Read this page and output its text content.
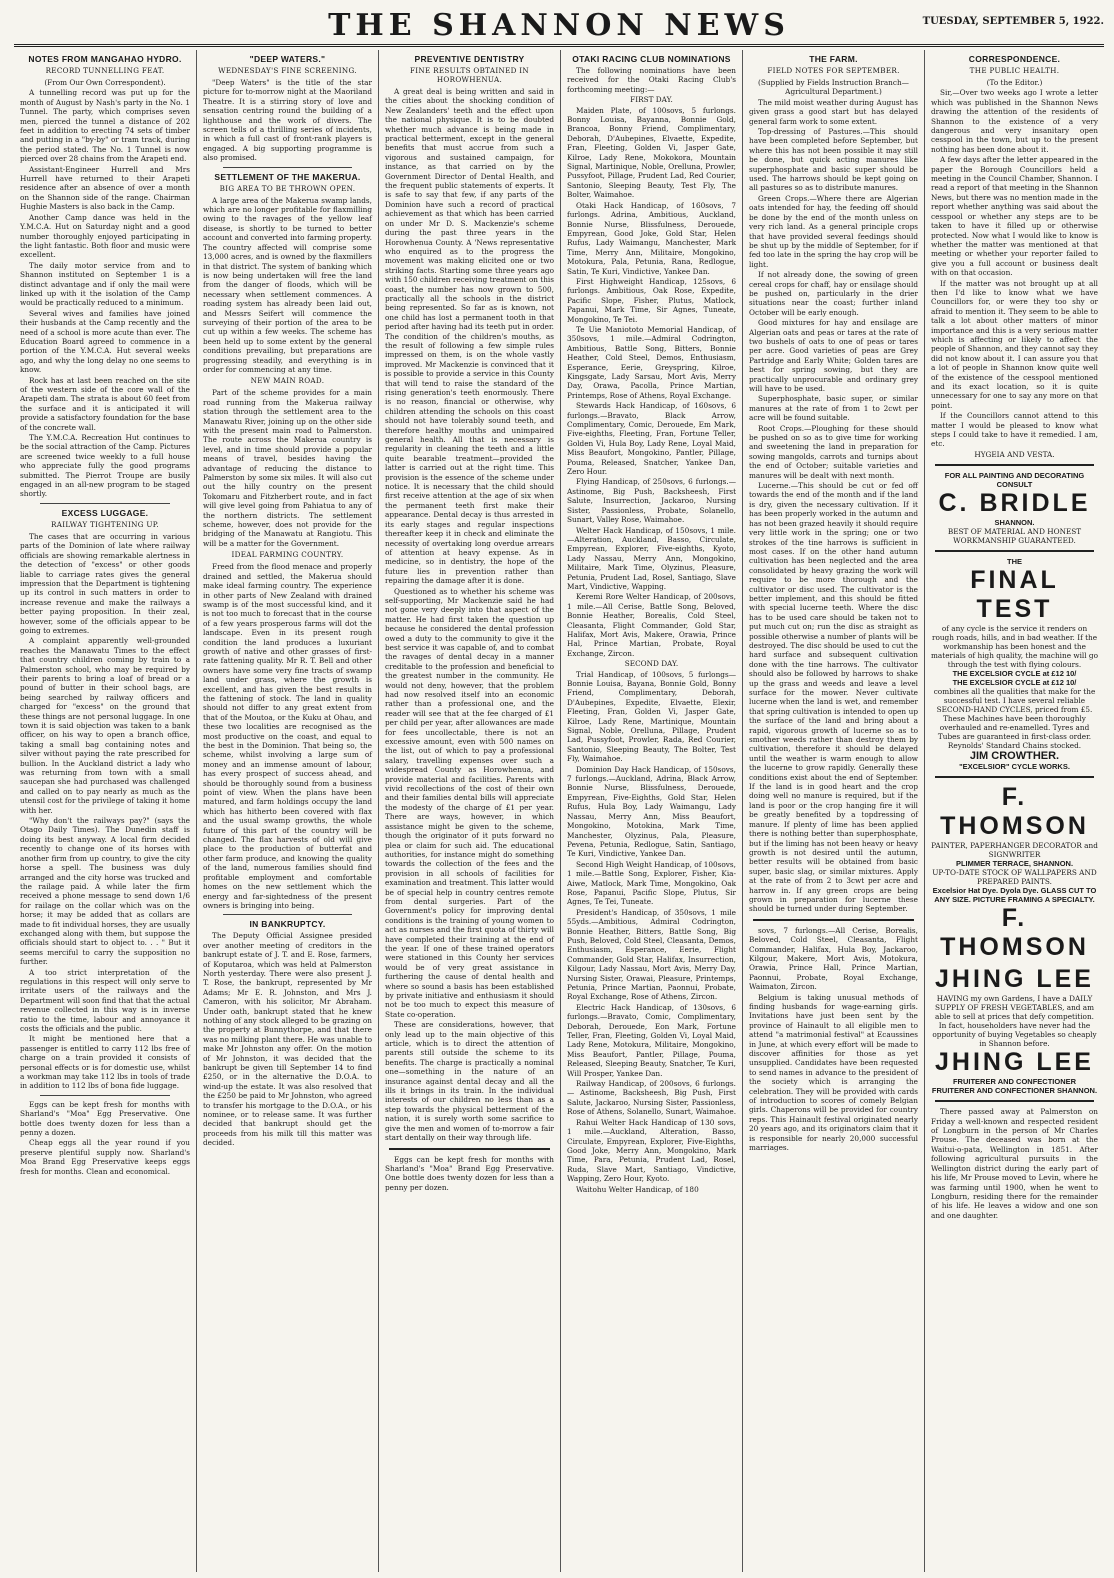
THE SHANNON NEWS	TUESDAY, SEPTEMBER 5, 1922.
NOTES FROM MANGAHAO HYDRO.
RECORD TUNNELLING FEAT.

(From Our Own Correspondent).

A tunnelling record was put up for the month of August by Nash's party in the No. 1 Tunnel. The party, which comprises seven men, pierced the tunnel a distance of 202 feet in addition to erecting 74 sets of timber and putting in a "by-by" or tram track, during the period stated. The No. 1 Tunnel is now pierced over 28 chains from the Arapeti end.

Assistant-Engineer Hurrell and Mrs Hurrell have returned to their Arapeti residence after an absence of over a month on the Shannon side of the range. Chairman Hughie Masters is also back in the Camp.

Another Camp dance was held in the Y.M.C.A. Hut on Saturday night and a good number thoroughly enjoyed participating in the light fantastic. Both floor and music were excellent.

The daily motor service from and to Shannon instituted on September 1 is a distinct advantage and if only the mail were linked up with it the isolation of the Camp would be practically reduced to a minimum.

Several wives and families have joined their husbands at the Camp recently and the need of a school is more acute than ever. The Education Board agreed to commence in a portion of the Y.M.C.A. Hut several weeks ago, and why the long delay no one seems to know.

Rock has at last been reached on the site of the western side of the core wall of the Arapeti dam. The strata is about 60 feet from the surface and it is anticipated it will provide a satisfactory foundation for the base of the concrete wall.

The Y.M.C.A. Recreation Hut continues to be the social attraction of the Camp. Pictures are screened twice weekly to a full house who appreciate fully the good programs submitted. The Pierrot Troupe are busily engaged in an all-new program to be staged shortly.

EXCESS LUGGAGE.
RAILWAY TIGHTENING UP.

The cases that are occurring in various parts of the Dominion of late where railway officials are showing remarkable alertness in the detection of "excess" or other goods liable to carriage rates gives the general impression that the Department is tightening up its control in such matters in order to increase revenue and make the railways a better paying proposition. In their zeal, however, some of the officials appear to be going to extremes.

A complaint apparently well-grounded reaches the Manawatu Times to the effect that country children coming by train to a Palmerston school, who may be required by their parents to bring a loaf of bread or a pound of butter in their school bags, are being searched by railway officers and charged for "excess" on the ground that these things are not personal luggage. In one town it is said objection was taken to a bank officer, on his way to open a branch office, taking a small bag containing notes and silver without paying the rate prescribed for bullion. In the Auckland district a lady who was returning from town with a small saucepan she had purchased was challenged and called on to pay nearly as much as the utensil cost for the privilege of taking it home with her.

"Why don't the railways pay?" (says the Otago Daily Times). The Dunedin staff is doing its best anyway. A local firm decided recently to change one of its horses with another firm from up country, to give the city horse a spell. The business was duly arranged and the city horse was trucked and the railage paid. A while later the firm received a phone message to send down 1/6 for railage on the collar which was on the horse; it may be added that as collars are made to fit individual horses, they are usually exchanged along with them, but suppose the officials should start to object to. . . " But it seems merciful to carry the supposition no further.

A too strict interpretation of the regulations in this respect will only serve to irritate users of the railways and the Department will soon find that that the actual revenue collected in this way is in inverse ratio to the time, labour and annoyance it costs the officials and the public.

It might be mentioned here that a passenger is entitled to carry 112 lbs free of charge on a train provided it consists of personal effects or is for domestic use, whilst a workman may take 112 lbs in tools of trade in addition to 112 lbs of bona fide luggage.

Eggs can be kept fresh for months with Sharland's "Moa" Egg Preservative. One bottle does twenty dozen for less than a penny a dozen.

Cheap eggs all the year round if you preserve plentiful supply now. Sharland's Moa Brand Egg Preservative keeps eggs fresh for months. Clean and economical.

"DEEP WATERS."
WEDNESDAY'S FINE SCREENING.

"Deep Waters" is the title of the star picture for to-morrow night at the Maoriland Theatre. It is a stirring story of love and sensation centring round the building of a lighthouse and the work of divers. The screen tells of a thrilling series of incidents, in which a full cast of front-rank players is engaged. A big supporting programme is also promised.

SETTLEMENT OF THE MAKERUA.
BIG AREA TO BE THROWN OPEN.

A large area of the Makerua swamp lands, which are no longer profitable for flaxmilling owing to the ravages of the yellow leaf disease, is shortly to be turned to better account and converted into farming property. The country affected will comprise some 13,000 acres, and is owned by the flaxmillers in that district. The system of banking which is now being undertaken will free the land from the danger of floods, which will be necessary when settlement commences. A roading system has already been laid out, and Messrs Seifert will commence the surveying of their portion of the area to be cut up within a few weeks. The scheme has been held up to some extent by the general conditions prevailing, but preparations are progressing steadily, and everything is in order for commencing at any time.

NEW MAIN ROAD.

Part of the scheme provides for a main road running from the Makerua railway station through the settlement area to the Manawatu River, joining up on the other side with the present main road to Palmerston. The route across the Makerua country is level, and in time should provide a popular means of travel, besides having the advantage of reducing the distance to Palmerston by some six miles. It will also cut out the hilly country on the present Tokomaru and Fitzherbert route, and in fact will give level going from Pahiatua to any of the northern districts. The settlement scheme, however, does not provide for the bridging of the Manawatu at Rangiotu. This will be a matter for the Government.

IDEAL FARMING COUNTRY.

Freed from the flood menace and properly drained and settled, the Makerua should make ideal farming country. The experience in other parts of New Zealand with drained swamp is of the most successful kind, and it is not too much to forecast that in the course of a few years prosperous farms will dot the landscape. Even in its present rough condition the land produces a luxuriant growth of native and other grasses of first-rate fattening quality. Mr R. T. Bell and other owners have some very fine tracts of swamp land under grass, where the growth is excellent, and has given the best results in the fattening of stock. The land in quality should not differ to any great extent from that of the Moutoa, or the Kuku at Ohau, and these two localities are recognised as the most productive on the coast, and equal to the best in the Dominion. That being so, the scheme, whilst involving a large sum of money and an immense amount of labour, has every prospect of success ahead, and should be thoroughly sound from a business point of view. When the plans have been matured, and farm holdings occupy the land which has hitherto been covered with flax and the usual swamp growths, the whole future of this part of the country will be changed. The flax harvests of old will give place to the production of butterfat and other farm produce, and knowing the quality of the land, numerous families should find profitable employment and comfortable homes on the new settlement which the energy and far-sightedness of the present owners is bringing into being.

IN BANKRUPTCY.

The Deputy Official Assignee presided over another meeting of creditors in the bankrupt estate of J. T. and E. Rose, farmers, of Koputaroa, which was held at Palmerston North yesterday. There were also present J. T. Rose, the bankrupt, represented by Mr Adams; Mr E. R. Johnston, and Mrs J. Cameron, with his solicitor, Mr Abraham. Under oath, bankrupt stated that he knew nothing of any stock alleged to be grazing on the property at Bunnythorpe, and that there was no milking plant there. He was unable to make Mr Johnston any offer. On the motion of Mr Johnston, it was decided that the bankrupt be given till September 14 to find £250, or in the alternative the D.O.A. to wind-up the estate. It was also resolved that the £250 be paid to Mr Johnston, who agreed to transfer his mortgage to the D.O.A., or his nominee, or to release same. It was further decided that bankrupt should get the proceeds from his milk till this matter was decided.

PREVENTIVE DENTISTRY
FINE RESULTS OBTAINED IN HOROWHENUA.

A great deal is being written and said in the cities about the shocking condition of New Zealanders' teeth and the effect upon the national physique. It is to be doubted whether much advance is being made in practical betterment, except in the general benefits that must accrue from such a vigorous and sustained campaign, for instance, as that carried on by the Government Director of Dental Health, and the frequent public statements of experts. It is safe to say that few, if any parts of the Dominion have such a record of practical achievement as that which has been carried on under Mr D. S. Mackenzie's scheme during the past three years in the Horowhenua County. A 'News representative who enquired as to the progress the movement was making elicited one or two striking facts. Starting some three years ago with 150 children receiving treatment on this coast, the number has now grown to 500, practically all the schools in the district being represented. So far as is known, not one child has lost a permanent tooth in that period after having had its teeth put in order. The condition of the children's mouths, as the result of following a few simple rules impressed on them, is on the whole vastly improved. Mr Mackenzie is convinced that it is possible to provide a service in this County that will tend to raise the standard of the rising generation's teeth enormously. There is no reason, financial or otherwise, why children attending the schools on this coast should not have tolerably sound teeth, and therefore healthy mouths and unimpaired general health. All that is necessary is regularity in cleaning the teeth and a little quite bearable treatment—provided the latter is carried out at the right time. This provision is the essence of the scheme under notice. It is necessary that the child should first receive attention at the age of six when the permanent teeth first make their appearance. Dental decay is thus arrested in its early stages and regular inspections thereafter keep it in check and eliminate the necessity of overtaking long overdue arrears of attention at heavy expense. As in medicine, so in dentistry, the hope of the future lies in prevention rather than repairing the damage after it is done.

Questioned as to whether his scheme was self-supporting, Mr Mackenzie said he had not gone very deeply into that aspect of the matter. He had first taken the question up because he considered the dental profession owed a duty to the community to give it the best service it was capable of, and to combat the ravages of dental decay in a manner creditable to the profession and beneficial to the greatest number in the community. He would not deny, however, that the problem had now resolved itself into an economic rather than a professional one, and the reader will see that at the fee charged of £1 per child per year, after allowances are made for fees uncollectable, there is not an excessive amount, even with 500 names on the list, out of which to pay a professional salary, travelling expenses over such a widespread County as Horowhenua, and provide material and facilities. Parents with vivid recollections of the cost of their own and their families dental bills will appreciate the modesty of the charge of £1 per year. There are ways, however, in which assistance might be given to the scheme, though the originator of it puts forward no plea or claim for such aid. The educational authorities, for instance might do something towards the collection of the fees and the provision in all schools of facilities for examination and treatment. This latter would be of special help in country centres remote from dental surgeries. Part of the Government's policy for improving dental conditions is the training of young women to act as nurses and the first quota of thirty will have completed their training at the end of the year. If one of these trained operators were stationed in this County her services would be of very great assistance in furthering the cause of dental health and where so sound a basis has been established by private initiative and enthusiasm it should not be too much to expect this measure of State co-operation.

These are considerations, however, that only lead up to the main objective of this article, which is to direct the attention of parents still outside the scheme to its benefits. The charge is practically a nominal one—something in the nature of an insurance against dental decay and all the ills it brings in its train. In the individual interests of our children no less than as a step towards the physical betterment of the nation, it is surely worth some sacrifice to give the men and women of to-morrow a fair start dentally on their way through life.

Eggs can be kept fresh for months with Sharland's "Moa" Brand Egg Preservative. One bottle does twenty dozen for less than a penny per dozen.

OTAKI RACING CLUB NOMINATIONS

The following nominations have been received for the Otaki Racing Club's forthcoming meeting:—

FIRST DAY.

Maiden Plate, of 100sovs, 5 furlongs. Bonny Louisa, Bayanna, Bonnie Gold, Brancoa, Bonny Friend, Complimentary, Deborah, D'Aubepines, Elvaette, Expedite, Fran, Fleeting, Golden Vi, Jasper Gate, Kilroe, Lady Rene, Mokokora, Mountain Signal, Martinique, Noble, Orelluna, Prowler, Pussyfoot, Pillage, Prudent Lad, Red Courier, Santonio, Sleeping Beauty, Test Fly, The Bolter, Waimahoe.

Otaki Hack Handicap, of 160sovs, 7 furlongs. Adrina, Ambitious, Auckland, Bonnie Nurse, Blissfulness, Derouede, Empyrean, Good Joke, Gold Star, Helen Rufus, Lady Waimangu, Manchester, Mark Time, Merry Ann, Militaire, Mongokino, Motokura, Pala, Petunia, Rana, Redlogue, Satin, Te Kuri, Vindictive, Yankee Dan.

First Highweight Handicap, 125sovs, 6 furlongs. Ambitious, Oak Rose, Expedite, Pacific Slope, Fisher, Plutus, Matlock, Papanui, Mark Time, Sir Agnes, Tuneate, Mongokino, Te Tei.

Te Uie Maniototo Memorial Handicap, of 350sovs, 1 mile.—Admiral Codrington, Ambitious, Battle Song, Bitters, Bonnie Heather, Cold Steel, Demos, Enthusiasm, Esperance, Eerie, Greyspring, Kilroe, Kingsgate, Lady Sarsau, Mort Avis, Merry Day, Orawa, Pacolla, Prince Martian, Printemps, Rose of Athens, Royal Exchange.

Stewards Hack Handicap, of 160sovs, 6 furlongs.—Bravato, Black Arrow, Complimentary, Comic, Derouede, Em Mark, Five-eighths, Fleeting, Fran, Fortune Teller, Golden Vi, Hula Boy, Lady Rene, Loyal Maid, Miss Beaufort, Mongokino, Pantler, Pillage, Pouma, Released, Snatcher, Yankee Dan, Zero Hour.

Flying Handicap, of 250sovs, 6 furlongs.—Astinome, Big Push, Backsheesh, First Salute, Insurrection, Jackaroo, Nursing Sister, Passionless, Probate, Solanello, Sunart, Valley Rose, Waimahoe.

Welter Hack Handicap, of 150sovs, 1 mile.—Alteration, Auckland, Basso, Circulate, Empyrean, Explorer, Five-eighths, Kyoto, Lady Nassau, Merry Ann, Mongokino, Militaire, Mark Time, Olyzinus, Pleasure, Petunia, Prudent Lad, Rosel, Santiago, Slave Mart, Vindictive, Wapping.

Keremi Rore Welter Handicap, of 200sovs, 1 mile.—All Cerise, Battle Song, Beloved, Bonnie Heather, Borealis, Cold Steel, Cleasanta, Flight Commander, Gold Star, Halifax, Mort Avis, Makere, Orawia, Prince Hal, Prince Martian, Probate, Royal Exchange, Zircon.

SECOND DAY.

Trial Handicap, of 100sovs, 5 furlongs—Bonnie Louisa, Bayana, Bonnie Gold, Bonny Friend, Complimentary, Deborah, D'Aubepines, Expedite, Elvaette, Elexir, Fleeting, Fran, Golden Vi, Jasper Gate, Kilroe, Lady Rene, Martinique, Mountain Signal, Noble, Orelluna, Pillage, Prudent Lad, Pussyfoot, Prowler, Rada, Red Courier, Santonio, Sleeping Beauty, The Bolter, Test Fly, Waimahoe.

Dominion Day Hack Handicap, of 150sovs, 7 furlongs.—Auckland, Adrina, Black Arrow, Bonnie Nurse, Blissfulness, Derouede, Empyrean, Five-Eighths, Gold Star, Helen Rufus, Hula Boy, Lady Waimangu, Lady Nassau, Merry Ann, Miss Beaufort, Mongokino, Motokina, Mark Time, Manchester, Olyzinus, Pala, Pleasure, Pevena, Petunia, Redlogue, Satin, Santiago, Te Kuri, Vindictive, Yankee Dan.

Second High Weight Handicap, of 100sovs, 1 mile.—Battle Song, Explorer, Fisher, Kia-Aiwe, Matlock, Mark Time, Mongokino, Oak Rose, Papanui, Pacific Slope, Plutus, Sir Agnes, Te Tei, Tuneate.

President's Handicap, of 350sovs, 1 mile 55yds.—Ambitious, Admiral Codrington, Bonnie Heather, Bitters, Battle Song, Big Push, Beloved, Cold Steel, Cleasanta, Demos, Enthusiasm, Esperance, Eerie, Flight Commander, Gold Star, Halifax, Insurrection, Kilgour, Lady Nassau, Mort Avis, Merry Day, Nursing Sister, Orawai, Pleasure, Printemps, Petunia, Prince Martian, Paonnui, Probate, Royal Exchange, Rose of Athens, Zircon.

Electric Hack Handicap, of 130sovs, 6 furlongs.—Bravato, Comic, Complimentary, Deborah, Derouede, Eon Mark, Fortune Teller, Fran, Fleeting, Golden Vi, Loyal Maid, Lady Rene, Motokura, Militaire, Mongokino, Miss Beaufort, Pantler, Pillage, Pouma, Released, Sleeping Beauty, Snatcher, Te Kuri, Will Prosper, Yankee Dan.

Railway Handicap, of 200sovs, 6 furlongs. — Astinome, Backsheesh, Big Push, First Salute, Jackaroo, Nursing Sister, Passionless, Rose of Athens, Solanello, Sunart, Waimahoe.

Rahui Welter Hack Handicap of 130 sovs, 1 mile.—Auckland, Alteration, Basso, Circulate, Empyrean, Explorer, Five-Eighths, Good Joke, Merry Ann, Mongokino, Mark Time, Para, Petunia, Prudent Lad, Rosel, Ruda, Slave Mart, Santiago, Vindictive, Wapping, Zero Hour, Kyoto.

Waitohu Welter Handicap, of 180

THE FARM.
FIELD NOTES FOR SEPTEMBER.

(Supplied by Fields Instruction Branch—Agricultural Department.)

The mild moist weather during August has given grass a good start but has delayed general farm work to some extent.

Top-dressing of Pastures.—This should have been completed before September, but where this has not been possible it may still be done, but quick acting manures like superphosphate and basic super should be used. The harrows should be kept going on all pastures so as to distribute manures.

Green Crops.—Where there are Algerian oats intended for hay, the feeding off should be done by the end of the month unless on very rich land. As a general principle crops that have provided several feedings should be shut up by the middle of September, for if fed too late in the spring the hay crop will be light.

If not already done, the sowing of green cereal crops for chaff, hay or ensilage should be pushed on, particularly in the drier situations near the coast; further inland October will be early enough.

Good mixtures for hay and ensilage are Algerian oats and peas or tares at the rate of two bushels of oats to one of peas or tares per acre. Good varieties of peas are Grey Partridge and Early White; Golden tares are best for spring sowing, but they are practically unprocurable and ordinary grey will have to be used.

Superphosphate, basic super, or similar manures at the rate of from 1 to 2cwt per acre will be found suitable.

Root Crops.—Ploughing for these should be pushed on so as to give time for working and sweetening the land in preparation for sowing mangolds, carrots and turnips about the end of October; suitable varieties and manures will be dealt with next month.

Lucerne.—This should be cut or fed off towards the end of the month and if the land is dry, given the necessary cultivation. If it has been properly worked in the autumn and has not been grazed heavily it should require very little work in the spring; one or two strokes of the tine harrows is sufficient in most cases. If on the other hand autumn cultivation has been neglected and the area consolidated by heavy grazing the work will require to be more thorough and the cultivator or disc used. The cultivator is the better implement, and this should be fitted with special lucerne teeth. Where the disc has to be used care should be taken not to put much cut on; run the disc as straight as possible otherwise a number of plants will be destroyed. The disc should be used to cut the hard surface and subsequent cultivation done with the tine harrows. The cultivator should also be followed by harrows to shake up the grass and weeds and leave a level surface for the mower. Never cultivate lucerne when the land is wet, and remember that spring cultivation is intended to open up the surface of the land and bring about a rapid, vigorous growth of lucerne so as to smother weeds rather than destroy them by cultivation, therefore it should be delayed until the weather is warm enough to allow the lucerne to grow rapidly. Generally these conditions exist about the end of September. If the land is in good heart and the crop doing well no manure is required, but if the land is poor or the crop hanging fire it will be greatly benefited by a topdressing of manure. If plenty of lime has been applied there is nothing better than superphosphate, but if the liming has not been heavy or heavy growth is not desired until the autumn, better results will be obtained from basic super, basic slag, or similar mixtures. Apply at the rate of from 2 to 3cwt per acre and harrow in. If any green crops are being grown in preparation for lucerne these should be turned under during September.

sovs, 7 furlongs.—All Cerise, Borealis, Beloved, Cold Steel, Cleasanta, Flight Commander, Halifax, Hula Boy, Jackaroo, Kilgour, Makere, Mort Avis, Motokura, Orawia, Prince Hall, Prince Martian, Paonnui, Probate, Royal Exchange, Waimaton, Zircon.

Belgium is taking unusual methods of finding husbands for wage-earning girls. Invitations have just been sent by the province of Hainault to all eligible men to attend "a matrimonial festival" at Ecaussines in June, at which every effort will be made to discover affinities for those as yet unsupplied. Candidates have been requested to send names in advance to the president of the society which is arranging the celebration. They will be provided with cards of introduction to scores of comely Belgian girls. Chaperons will be provided for country reps. This Hainault festival originated nearly 20 years ago, and its originators claim that it is responsible for nearly 20,000 successful marriages.

CORRESPONDENCE.
THE PUBLIC HEALTH.

(To the Editor.)

Sir,—Over two weeks ago I wrote a letter which was published in the Shannon News drawing the attention of the residents of Shannon to the existence of a very dangerous and very insanitary open cesspool in the town, but up to the present nothing has been done about it.

A few days after the letter appeared in the paper the Borough Councillors held a meeting in the Council Chamber, Shannon. I read a report of that meeting in the Shannon News, but there was no mention made in the report whether anything was said about the cesspool or whether any steps are to be taken to have it filled up or otherwise protected. Now what I would like to know is whether the matter was mentioned at that meeting or whether your reporter failed to give you a full account or business dealt with on that occasion.

If the matter was not brought up at all then I'd like to know what we have Councillors for, or were they too shy or afraid to mention it. They seem to be able to talk a lot about other matters of minor importance and this is a very serious matter which is affecting or likely to affect the people of Shannon, and they cannot say they did not know about it. I can assure you that a lot of people in Shannon know quite well of the existence of the cesspool mentioned and its exact location, so it is quite unnecessary for one to say any more on that point.

If the Councillors cannot attend to this matter I would be pleased to know what steps I could take to have it remedied. I am, etc.

HYGEIA AND VESTA.

FOR ALL PAINTING AND DECORATING CONSULT
C. BRIDLE
SHANNON.
BEST OF MATERIAL AND HONEST WORKMANSHIP GUARANTEED.
THE
FINAL TEST
of any cycle is the service it renders on rough roads, hills, and in bad weather. If the workmanship has been honest and the materials of high quality, the machine will go through the test with flying colours.
THE EXCELSIOR CYCLE at £12 10/
THE EXCELSIOR CYCLE at £12 10/
combines all the qualities that make for the successful test. I have several reliable SECOND-HAND CYCLES, priced from £5. These Machines have been thoroughly overhauled and re-enamelled. Tyres and Tubes are guaranteed in first-class order. Reynolds' Standard Chains stocked.
JIM CROWTHER.
"EXCELSIOR" CYCLE WORKS.
F. THOMSON
PAINTER, PAPERHANGER DECORATOR and SIGNWRITER
PLIMMER TERRACE, SHANNON.
UP-TO-DATE STOCK OF WALLPAPERS AND PREPARED PAINTS.
Excelsior Hat Dye. Dyola Dye. GLASS CUT TO ANY SIZE. PICTURE FRAMING A SPECIALTY.
F. THOMSON
JHING LEE
HAVING my own Gardens, I have a DAILY SUPPLY OF FRESH VEGETABLES, and am able to sell at prices that defy competition. In fact, householders have never had the opportunity of buying Vegetables so cheaply in Shannon before.
JHING LEE
FRUITERER AND CONFECTIONER FRUITERER AND CONFECTIONER SHANNON.

There passed away at Palmerston on Friday a well-known and respected resident of Longburn in the person of Mr Charles Prouse. The deceased was born at the Waitui-o-pata, Wellington in 1851. After following agricultural pursuits in the Wellington district during the early part of his life, Mr Prouse moved to Levin, where he was farming until 1900, when he went to Longburn, residing there for the remainder of his life. He leaves a widow and one son and one daughter.
